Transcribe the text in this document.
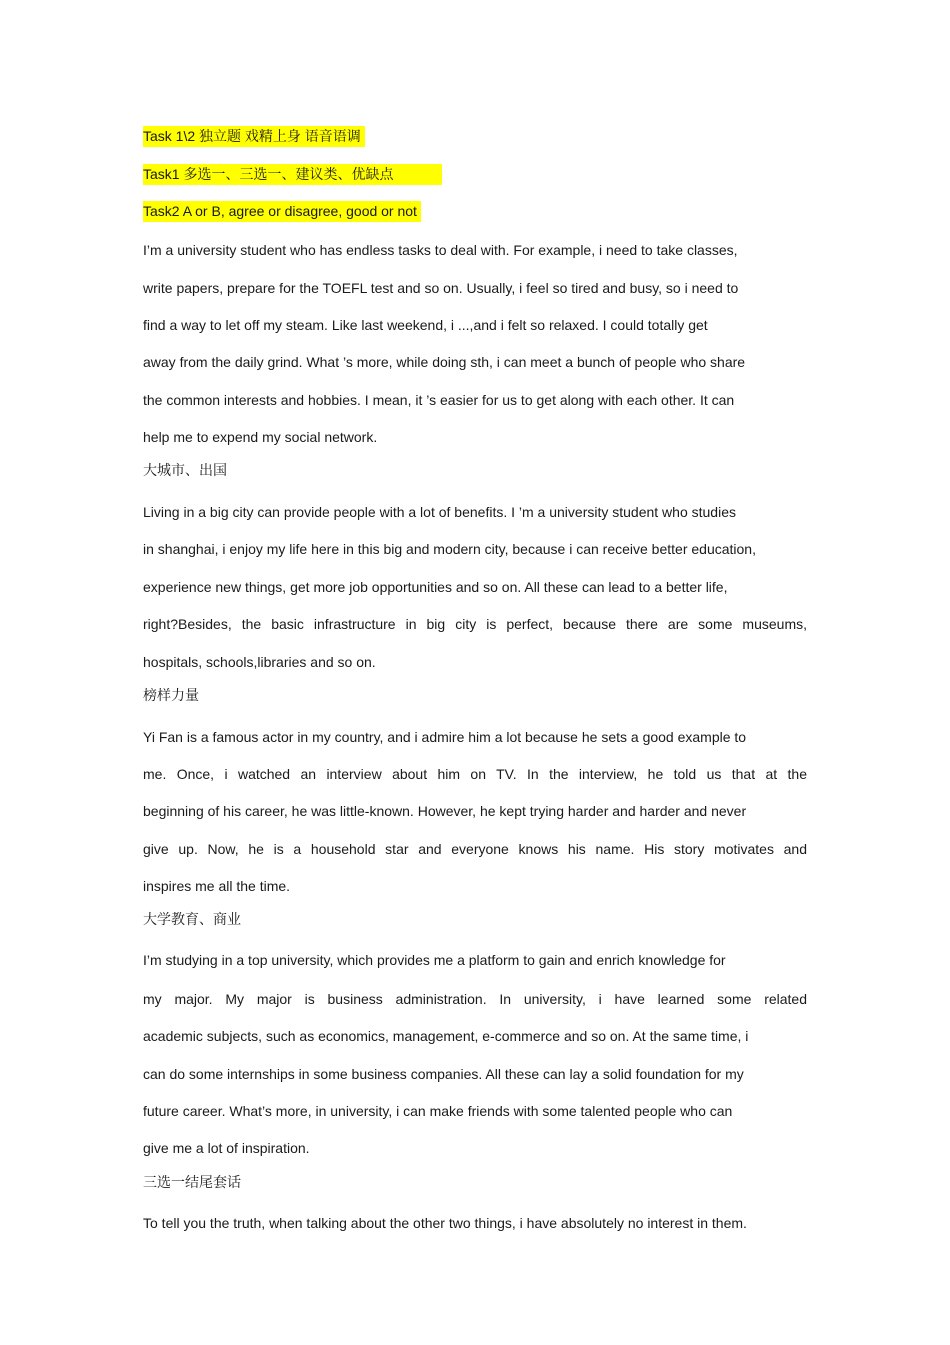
Task 1\2 独立题 戏精上身 语音语调
Task1 多选一、三选一、建议类、优缺点
Task2 A or B, agree or disagree, good or not
I’m a university student who has endless tasks to deal with. For example, i need to take classes,
write papers, prepare for the TOEFL test and so on. Usually, i feel so tired and busy, so i need to
find a way to let off my steam. Like last weekend, i ...,and i felt so relaxed. I could totally get
away from the daily grind. What ’s more, while doing sth, i can meet a bunch of people who share
the common interests and hobbies. I mean, it ’s easier for us to get along with each other. It can
help me to expend my social network.
大城市、出国
Living in a big city can provide people with a lot of benefits. I ’m a university student who studies
in shanghai, i enjoy my life here in this big and modern city, because i can receive better education,
experience new things, get more job opportunities and so on. All these can lead to a better life,
right?Besides, the basic infrastructure in big city is perfect, because there are some museums,
hospitals, schools,libraries and so on.
榜样力量
Yi Fan is a famous actor in my country, and i admire him a lot because he sets a good example to
me. Once, i watched an interview about him on TV. In the interview, he told us that at the
beginning of his career, he was little-known. However, he kept trying harder and harder and never
give up. Now, he is a household star and everyone knows his name. His story motivates and
inspires me all the time.
大学教育、商业
I’m studying in a top university, which provides me a platform to gain and enrich knowledge for
my major. My major is business administration. In university, i have learned some related
academic subjects, such as economics, management, e-commerce and so on. At the same time, i
can do some internships in some business companies. All these can lay a solid foundation for my
future career. What’s more, in university, i can make friends with some talented people who can
give me a lot of inspiration.
三选一结尾套话
To tell you the truth, when talking about the other two things, i have absolutely no interest in them.
